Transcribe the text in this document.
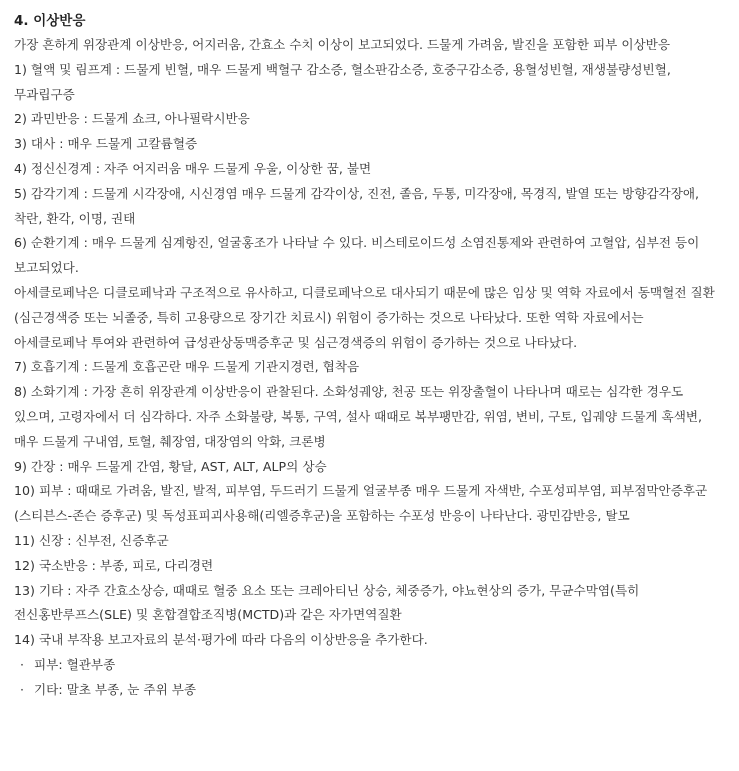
4. 이상반응

가장 흔하게 위장관계 이상반응, 어지러움, 간효소 수치 이상이 보고되었다. 드물게 가려움, 발진을 포함한 피부 이상반응

1) 혈액 및 림프계 : 드물게 빈혈, 매우 드물게 백혈구 감소증, 혈소판감소증, 호중구감소증, 용혈성빈혈, 재생불량성빈혈, 무과립구증

2) 과민반응 : 드물게 쇼크, 아나필락시반응

3) 대사 : 매우 드물게 고칼륨혈증

4) 정신신경계 : 자주 어지러움 매우 드물게 우울, 이상한 꿈, 불면

5) 감각기계 : 드물게 시각장애, 시신경염 매우 드물게 감각이상, 진전, 졸음, 두통, 미각장애, 목경직, 발열 또는 방향감각장애, 착란, 환각, 이명, 권태

6) 순환기계 : 매우 드물게 심계항진, 얼굴홍조가 나타날 수 있다. 비스테로이드성 소염진통제와 관련하여 고혈압, 심부전 등이 보고되었다.

아세클로페낙은 디클로페낙과 구조적으로 유사하고, 디클로페낙으로 대사되기 때문에 많은 임상 및 역학 자료에서 동맥혈전 질환(심근경색증 또는 뇌졸중, 특히 고용량으로 장기간 치료시) 위험이 증가하는 것으로 나타났다. 또한 역학 자료에서는 아세클로페낙 투여와 관련하여 급성관상동맥증후군 및 심근경색증의 위험이 증가하는 것으로 나타났다.

7) 호흡기계 : 드물게 호흡곤란 매우 드물게 기관지경련, 협착음

8) 소화기계 : 가장 흔히 위장관계 이상반응이 관찰된다. 소화성궤양, 천공 또는 위장출혈이 나타나며 때로는 심각한 경우도 있으며, 고령자에서 더 심각하다. 자주 소화불량, 복통, 구역, 설사 때때로 복부팽만감, 위염, 변비, 구토, 입궤양 드물게 혹색변, 매우 드물게 구내염, 토혈, 췌장염, 대장염의 악화, 크론병

9) 간장 : 매우 드물게 간염, 황달, AST, ALT, ALP의 상승

10) 피부 : 때때로 가려움, 발진, 발적, 피부염, 두드러기 드물게 얼굴부종 매우 드물게 자색반, 수포성피부염, 피부점막안증후군(스티븐스-존슨 증후군) 및 독성표피괴사용해(리엘증후군)을 포함하는 수포성 반응이 나타난다. 광민감반응, 탈모

11) 신장 : 신부전, 신증후군

12) 국소반응 : 부종, 피로, 다리경련

13) 기타 : 자주 간효소상승, 때때로 혈중 요소 또는 크레아티닌 상승, 체중증가, 야뇨현상의 증가, 무균수막염(특히 전신홍반루프스(SLE) 및 혼합결합조직병(MCTD)과 같은 자가면역질환

14) 국내 부작용 보고자료의 분석·평가에 따라 다음의 이상반응을 추가한다.

· 피부: 혈관부종
· 기타: 말초 부종, 눈 주위 부종
